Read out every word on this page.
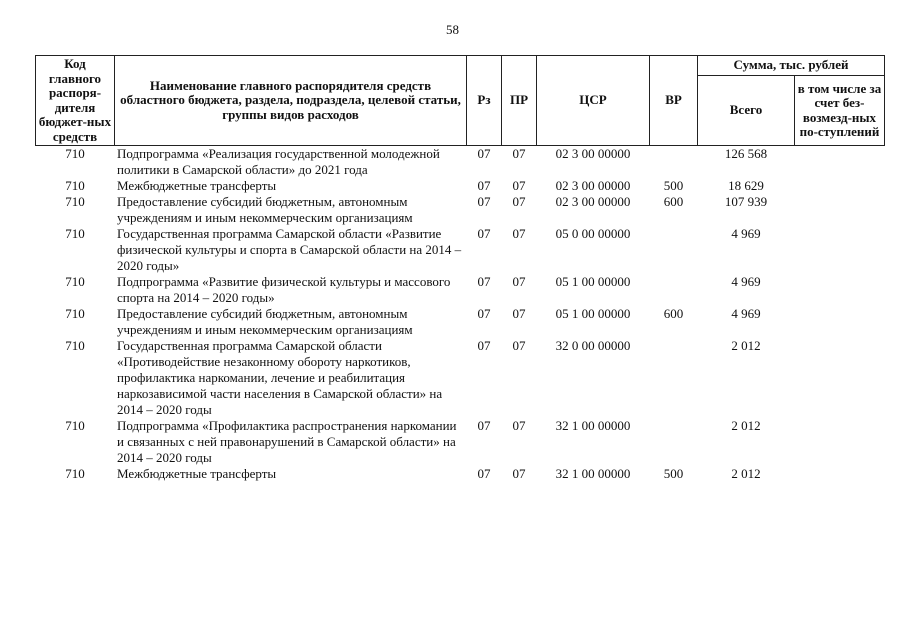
58
Код главного распоря-дителя бюджет-ных средств	Наименование главного распорядителя средств областного бюджета, раздела, подраздела, целевой статьи, группы видов расходов	Рз	ПР	ЦСР	ВР	Сумма, тыс. рублей	
						Всего	в том числе за счет без-возмезд-ных по-ступлений
710	Подпрограмма «Реализация государственной молодежной политики в Самарской области» до 2021 года	07	07	02 3 00 00000		126 568	
710	Межбюджетные трансферты	07	07	02 3 00 00000	500	18 629	
710	Предоставление субсидий бюджетным, автономным учреждениям и иным некоммерческим организациям	07	07	02 3 00 00000	600	107 939	
710	Государственная программа Самарской области «Развитие физической культуры и спорта в Самарской области на 2014 – 2020 годы»	07	07	05 0 00 00000		4 969	
710	Подпрограмма «Развитие физической культуры и массового спорта на 2014 – 2020 годы»	07	07	05 1 00 00000		4 969	
710	Предоставление субсидий бюджетным, автономным учреждениям и иным некоммерческим организациям	07	07	05 1 00 00000	600	4 969	
710	Государственная программа Самарской области «Противодействие незаконному обороту наркотиков, профилактика наркомании, лечение и реабилитация наркозависимой части населения в Самарской области» на 2014 – 2020 годы	07	07	32 0 00 00000		2 012	
710	Подпрограмма «Профилактика распространения наркомании и связанных с ней правонарушений в Самарской области» на 2014 – 2020 годы	07	07	32 1 00 00000		2 012	
710	Межбюджетные трансферты	07	07	32 1 00 00000	500	2 012	
